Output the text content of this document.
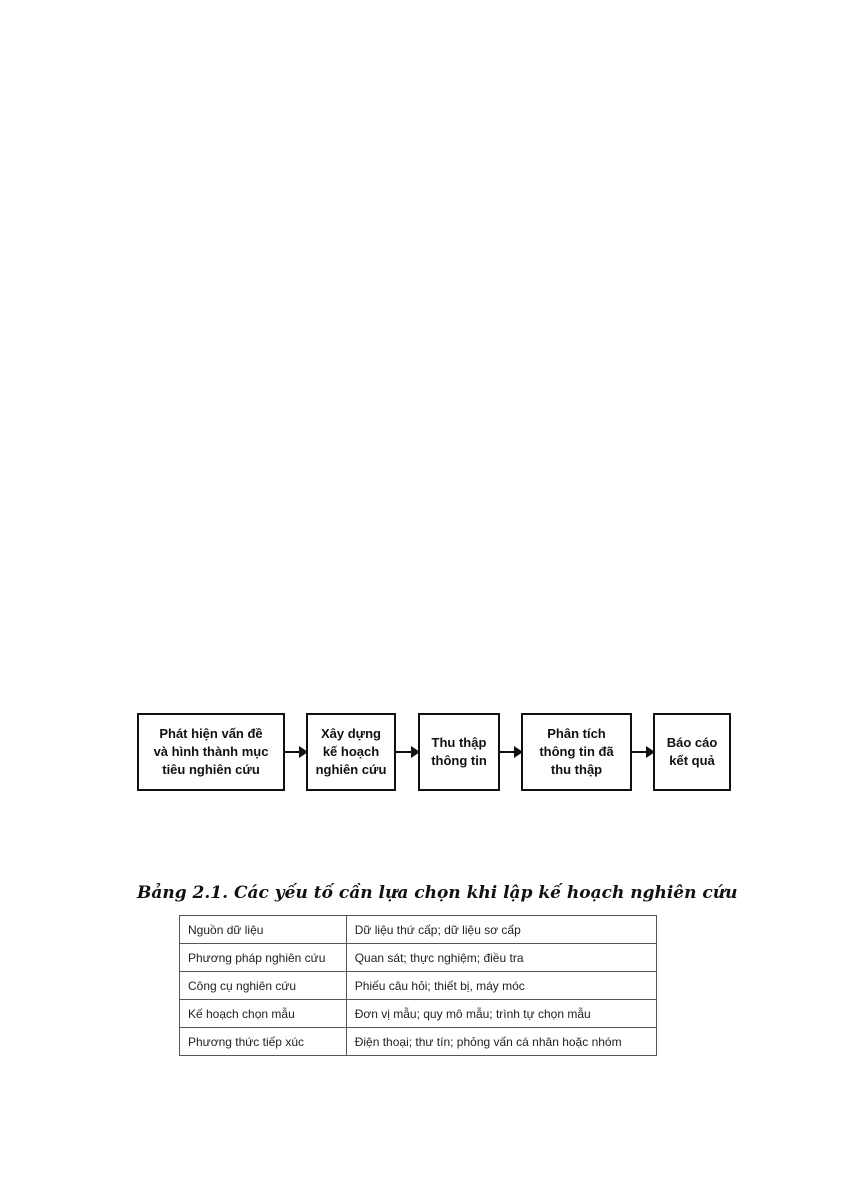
Phát hiện vấn đề
và hình thành mục
tiêu nghiên cứu
Xây dựng
kế hoạch
nghiên cứu
Thu thập
thông tin
Phân tích
thông tin đã
thu thập
Báo cáo
kết quả
Bảng 2.1. Các yếu tố cần lựa chọn khi lập kế hoạch nghiên cứu
Nguồn dữ liệu	Dữ liệu thứ cấp; dữ liệu sơ cấp
Phương pháp nghiên cứu	Quan sát; thực nghiệm; điều tra
Công cụ nghiên cứu	Phiếu câu hỏi; thiết bị, máy móc
Kế hoạch chọn mẫu	Đơn vị mẫu; quy mô mẫu; trình tự chọn mẫu
Phương thức tiếp xúc	Điện thoại; thư tín; phỏng vấn cá nhân hoặc nhóm
